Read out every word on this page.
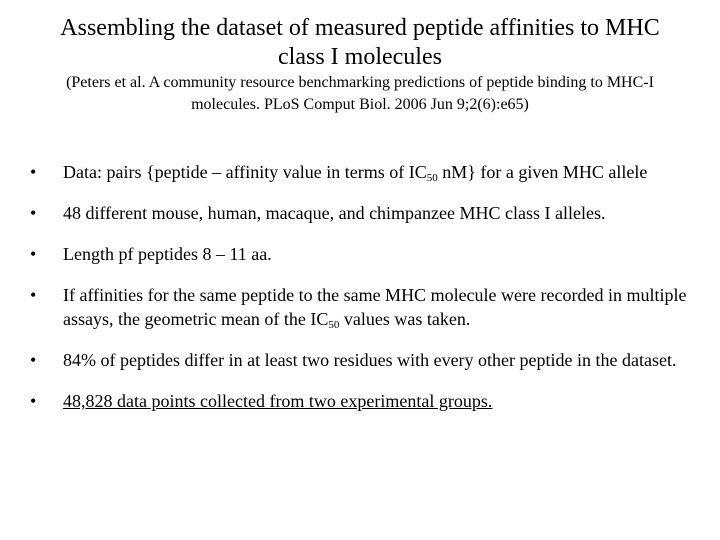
Assembling the dataset of measured peptide affinities to MHC class I molecules
(Peters et al. A community resource benchmarking predictions of peptide binding to MHC-I molecules. PLoS Comput Biol. 2006 Jun 9;2(6):e65)
• Data: pairs {peptide – affinity value in terms of $IC_{50}$ nM} for a given MHC allele
• 48 different mouse, human, macaque, and chimpanzee MHC class I alleles.
• Length pf peptides 8 – 11 aa.
• If affinities for the same peptide to the same MHC molecule were recorded in multiple assays, the geometric mean of the $IC_{50}$ values was taken.
• 84% of peptides differ in at least two residues with every other peptide in the dataset.
• 48,828 data points collected from two experimental groups.
